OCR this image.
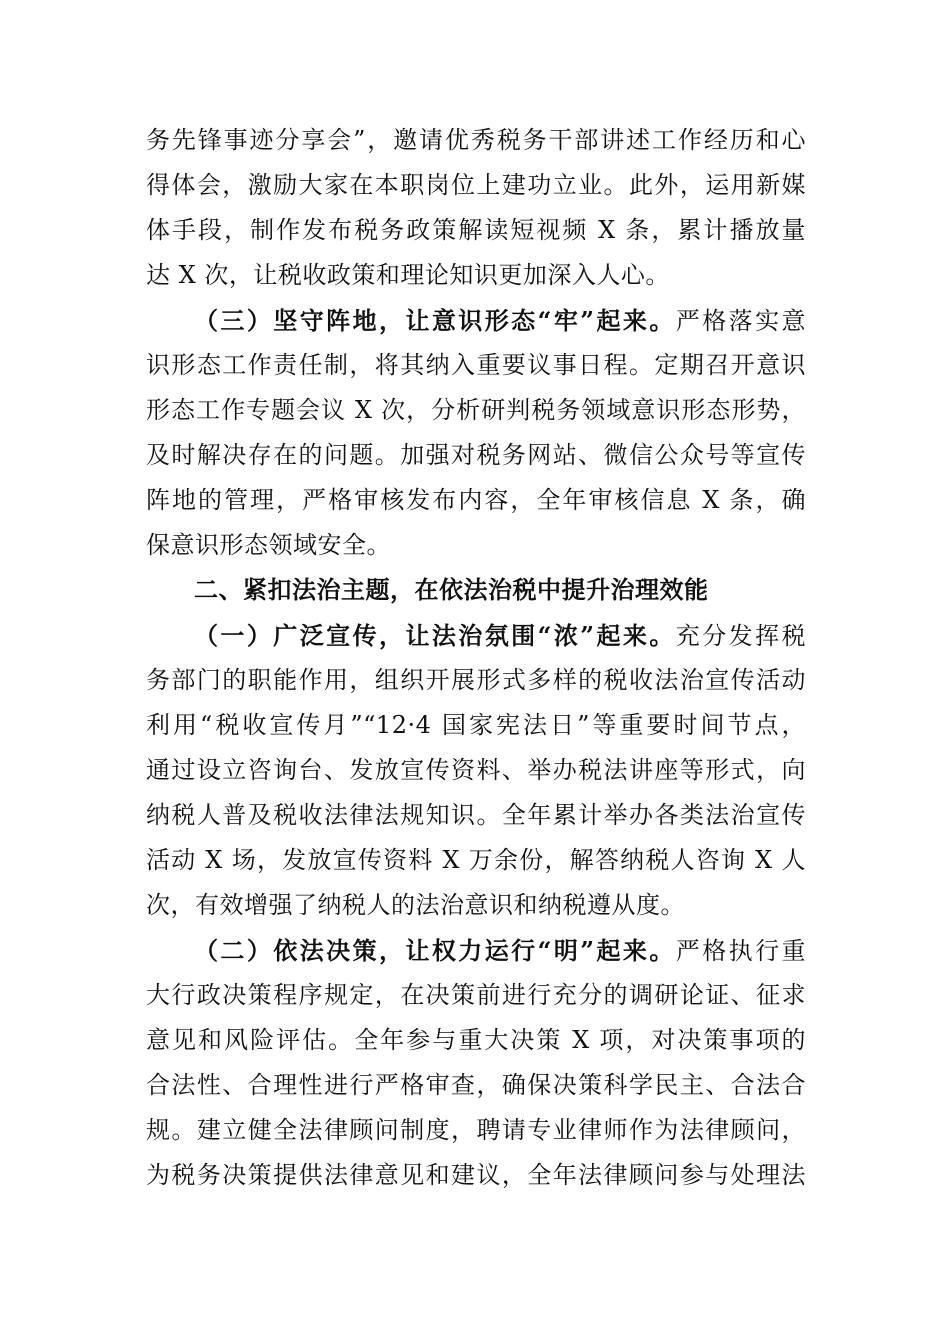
务先锋事迹分享会”，邀请优秀税务干部讲述工作经历和心
得体会，激励大家在本职岗位上建功立业。此外，运用新媒
体手段，制作发布税务政策解读短视频 X 条，累计播放量
达 X 次，让税收政策和理论知识更加深入人心。
（三）坚守阵地，让意识形态“牢”起来。严格落实意
识形态工作责任制，将其纳入重要议事日程。定期召开意识
形态工作专题会议 X 次，分析研判税务领域意识形态形势，
及时解决存在的问题。加强对税务网站、微信公众号等宣传
阵地的管理，严格审核发布内容，全年审核信息 X 条，确
保意识形态领域安全。
二、紧扣法治主题，在依法治税中提升治理效能
（一）广泛宣传，让法治氛围“浓”起来。充分发挥税
务部门的职能作用，组织开展形式多样的税收法治宣传活动
利用“税收宣传月”“12·4 国家宪法日”等重要时间节点，
通过设立咨询台、发放宣传资料、举办税法讲座等形式，向
纳税人普及税收法律法规知识。全年累计举办各类法治宣传
活动 X 场，发放宣传资料 X 万余份，解答纳税人咨询 X 人
次，有效增强了纳税人的法治意识和纳税遵从度。
（二）依法决策，让权力运行“明”起来。严格执行重
大行政决策程序规定，在决策前进行充分的调研论证、征求
意见和风险评估。全年参与重大决策 X 项，对决策事项的
合法性、合理性进行严格审查，确保决策科学民主、合法合
规。建立健全法律顾问制度，聘请专业律师作为法律顾问，
为税务决策提供法律意见和建议，全年法律顾问参与处理法
